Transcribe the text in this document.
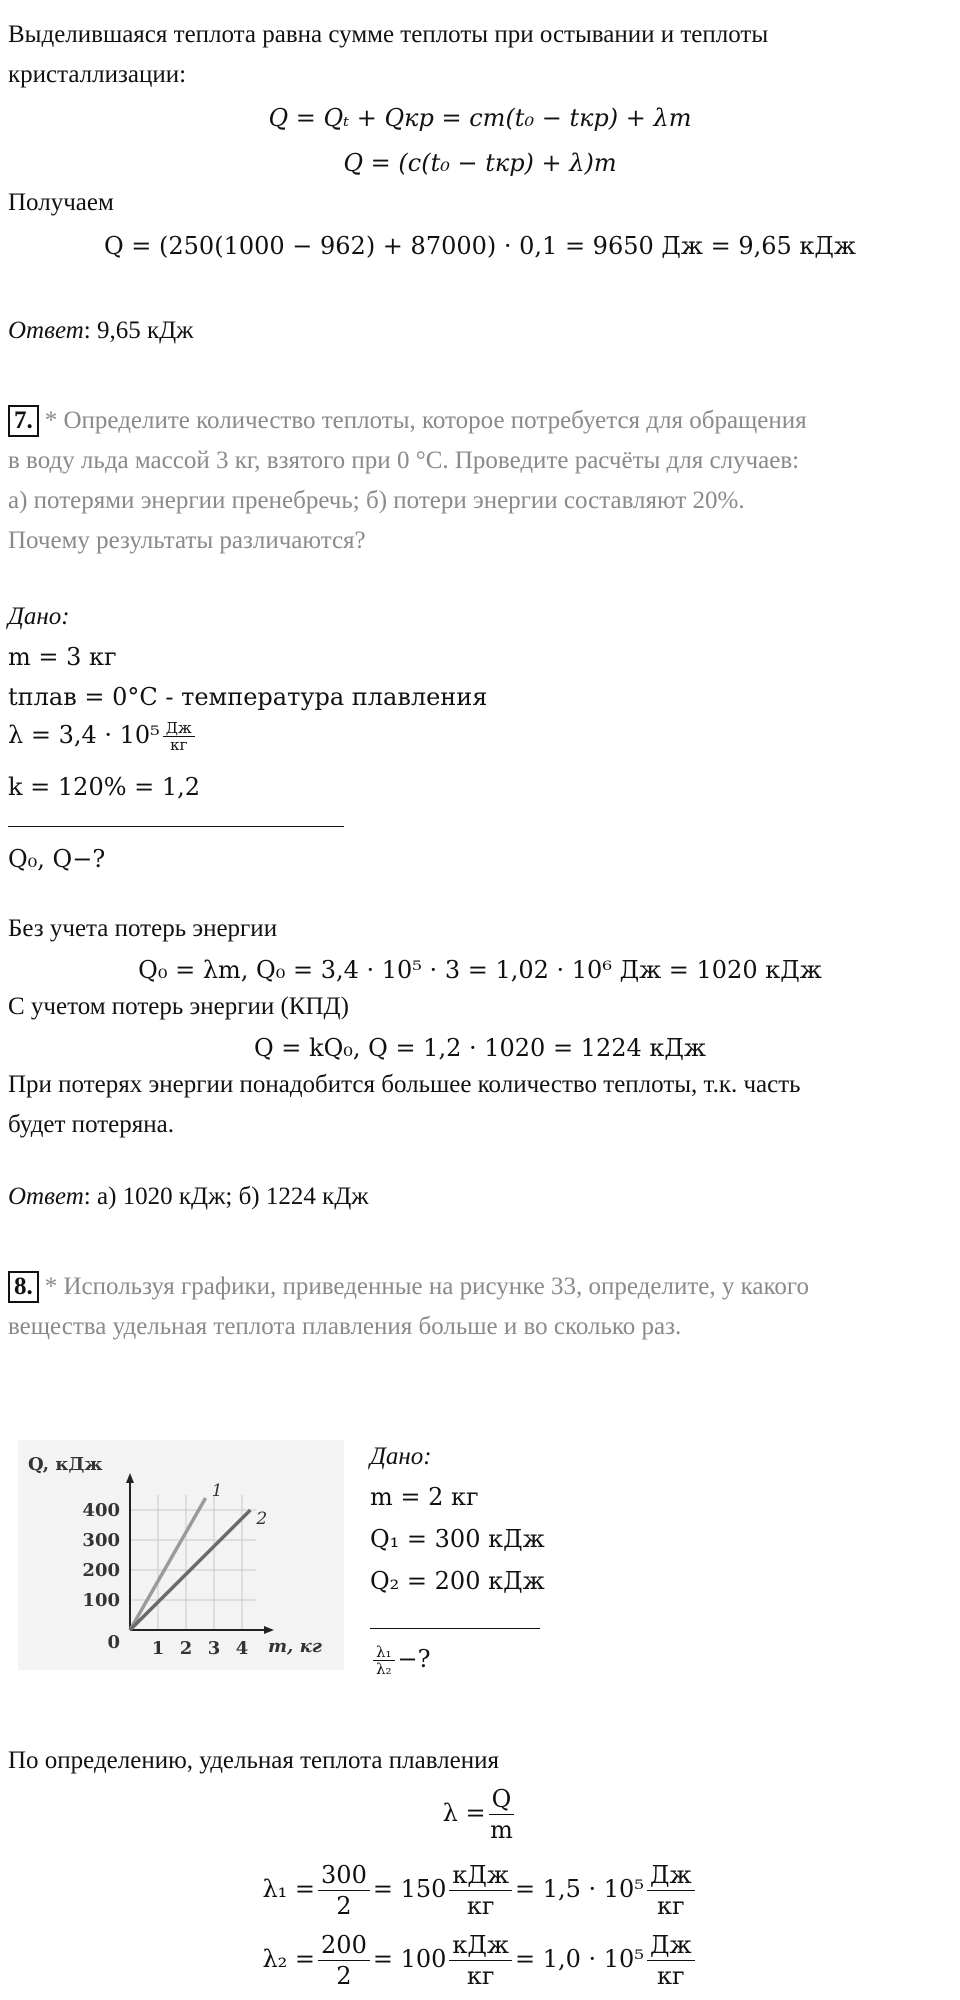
Выделившаяся теплота равна сумме теплоты при остывании и теплоты
кристаллизации:
Q = Qₜ + Qкр = cm(t₀ − tкр) + λm
Q = (c(t₀ − tкр) + λ)m
Получаем
Q = (250(1000 − 962) + 87000) · 0,1 = 9650 Дж = 9,65 кДж
Ответ: 9,65 кДж
7. * Определите количество теплоты, которое потребуется для обращения
в воду льда массой 3 кг, взятого при 0 °С. Проведите расчёты для случаев:
а) потерями энергии пренебречь; б) потери энергии составляют 20%.
Почему результаты различаются?
Дано:
m = 3 кг
tплав = 0°С - температура плавления
$\lambda = 3,4 \cdot 10^5 \frac{Дж}{кг}$
k = 120% = 1,2
Q₀, Q−?
Без учета потерь энергии
Q₀ = λm, Q₀ = 3,4 · 10⁵ · 3 = 1,02 · 10⁶ Дж = 1020 кДж
С учетом потерь энергии (КПД)
Q = kQ₀, Q = 1,2 · 1020 = 1224 кДж
При потерях энергии понадобится большее количество теплоты, т.к. часть
будет потеряна.
Ответ: а) 1020 кДж; б) 1224 кДж
8. * Используя графики, приведенные на рисунке 33, определите, у какого
вещества удельная теплота плавления больше и во сколько раз.
1
2
1 2 3 4
100
200
300
400
0
Q, кДж
m, кг
Дано:
m = 2 кг
Q₁ = 300 кДж
Q₂ = 200 кДж
$\frac{\text{λ₁}}{\text{λ₂}}$ −?
По определению, удельная теплота плавления
$\lambda = \frac{Q}{m}$
$\lambda_1 = \frac{300}{2} = 150 \frac{\text{кДж}}{кг} = 1,5 \cdot 10^5 \frac{Дж}{кг}$
$\lambda_2 = \frac{200}{2} = 100 \frac{\text{кДж}}{кг} = 1,0 \cdot 10^5 \frac{Дж}{кг}$
